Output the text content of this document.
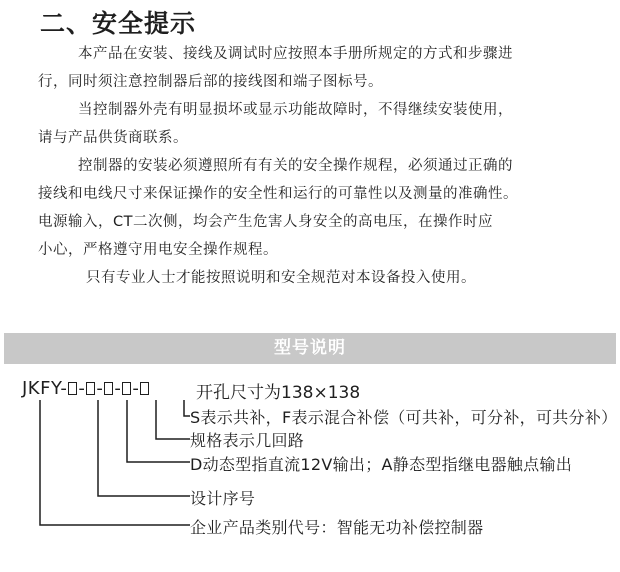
二、安全提示
本产品在安装、接线及调试时应按照本手册所规定的方式和步骤进
行，同时须注意控制器后部的接线图和端子图标号。
当控制器外壳有明显损坏或显示功能故障时，不得继续安装使用，
请与产品供货商联系。
控制器的安装必须遵照所有有关的安全操作规程，必须通过正确的
接线和电线尺寸来保证操作的安全性和运行的可靠性以及测量的准确性。
电源输入，CT二次侧，均会产生危害人身安全的高电压，在操作时应
小心，严格遵守用电安全操作规程。
只有专业人士才能按照说明和安全规范对本设备投入使用。
型号说明
JKFY- - - - -	开孔尺寸为138×138
S表示共补，F表示混合补偿（可共补，可分补，可共分补）
规格表示几回路
D动态型指直流12V输出；A静态型指继电器触点输出
设计序号
企业产品类别代号：智能无功补偿控制器
